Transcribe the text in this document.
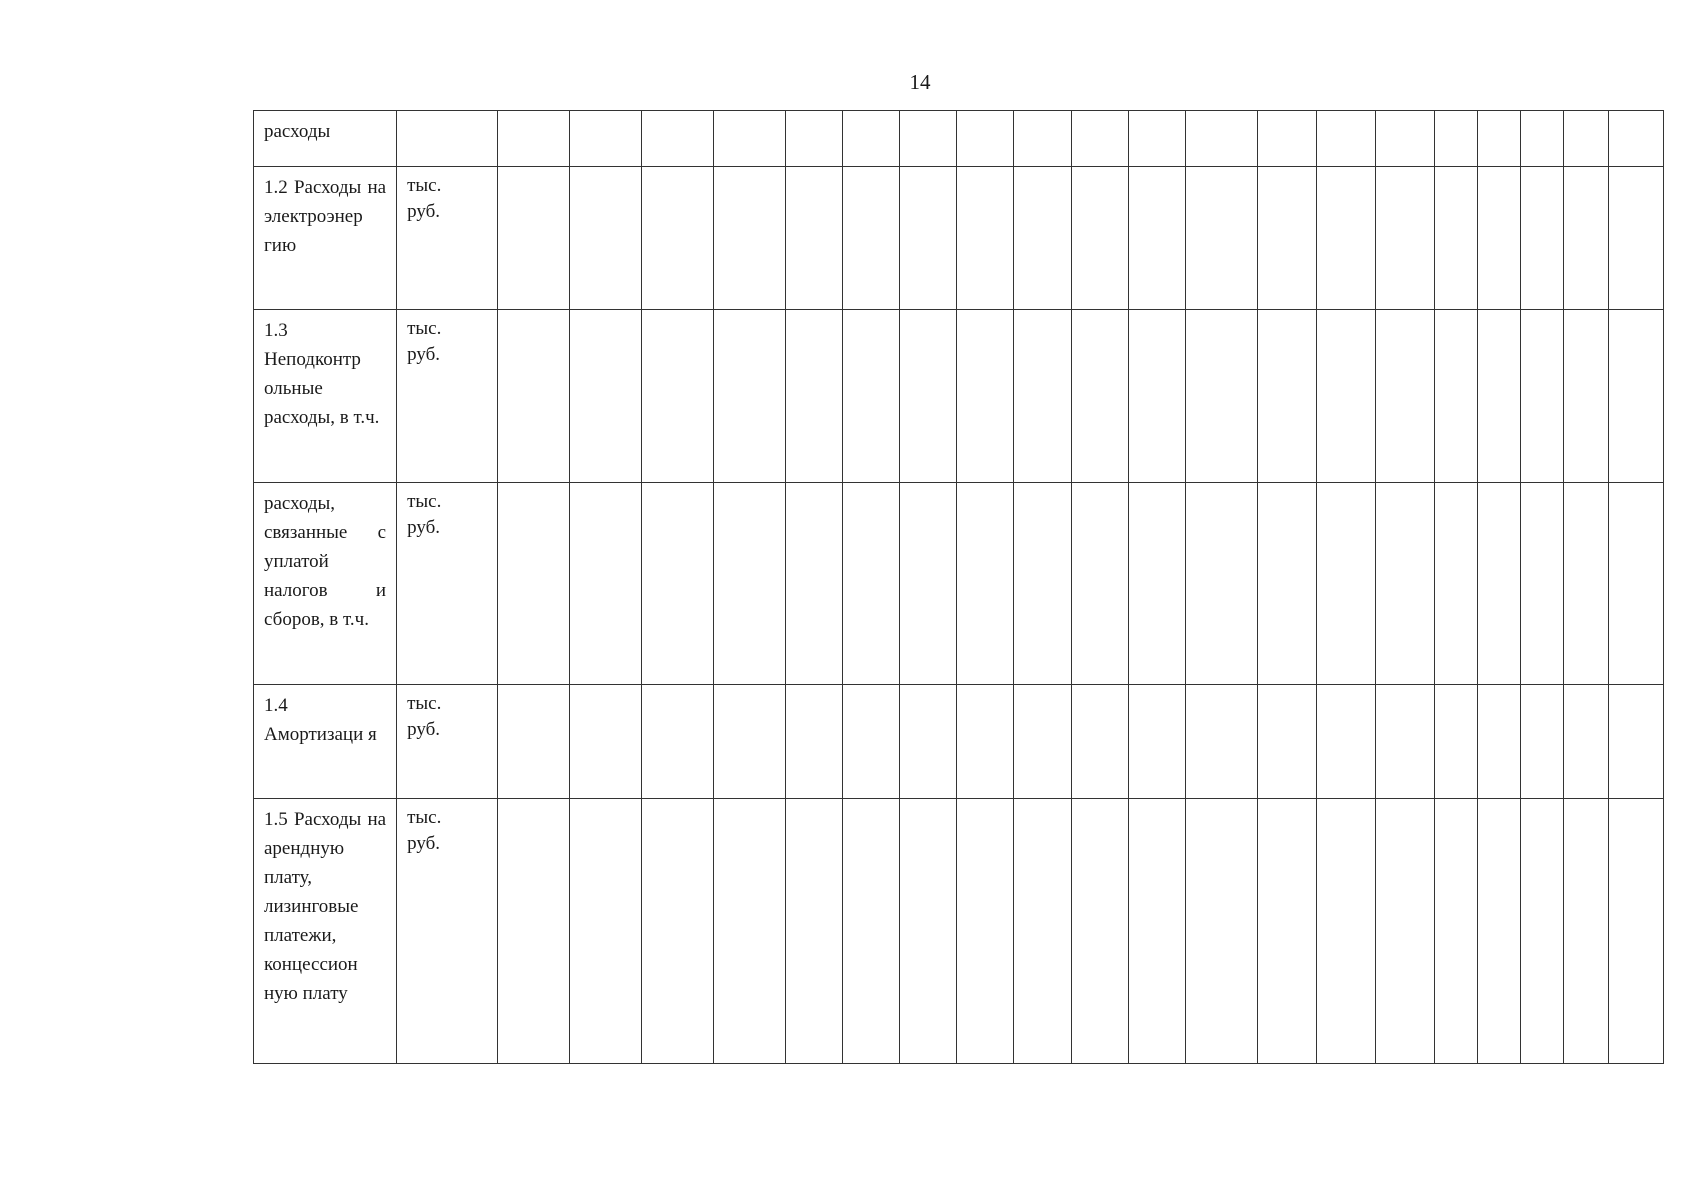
14
расходы																					
1.2 Расходы на электроэнер гию	тыс.
руб.																				

1.3 Неподконтр ольные расходы, в т.ч.	тыс.
руб.																				

расходы, связанные с уплатой налогов и сборов, в т.ч.	тыс.
руб.																				

1.4 Амортизаци я	тыс.
руб.																				

1.5 Расходы на арендную плату, лизинговые платежи, концессион ную плату	тыс.
руб.																				
